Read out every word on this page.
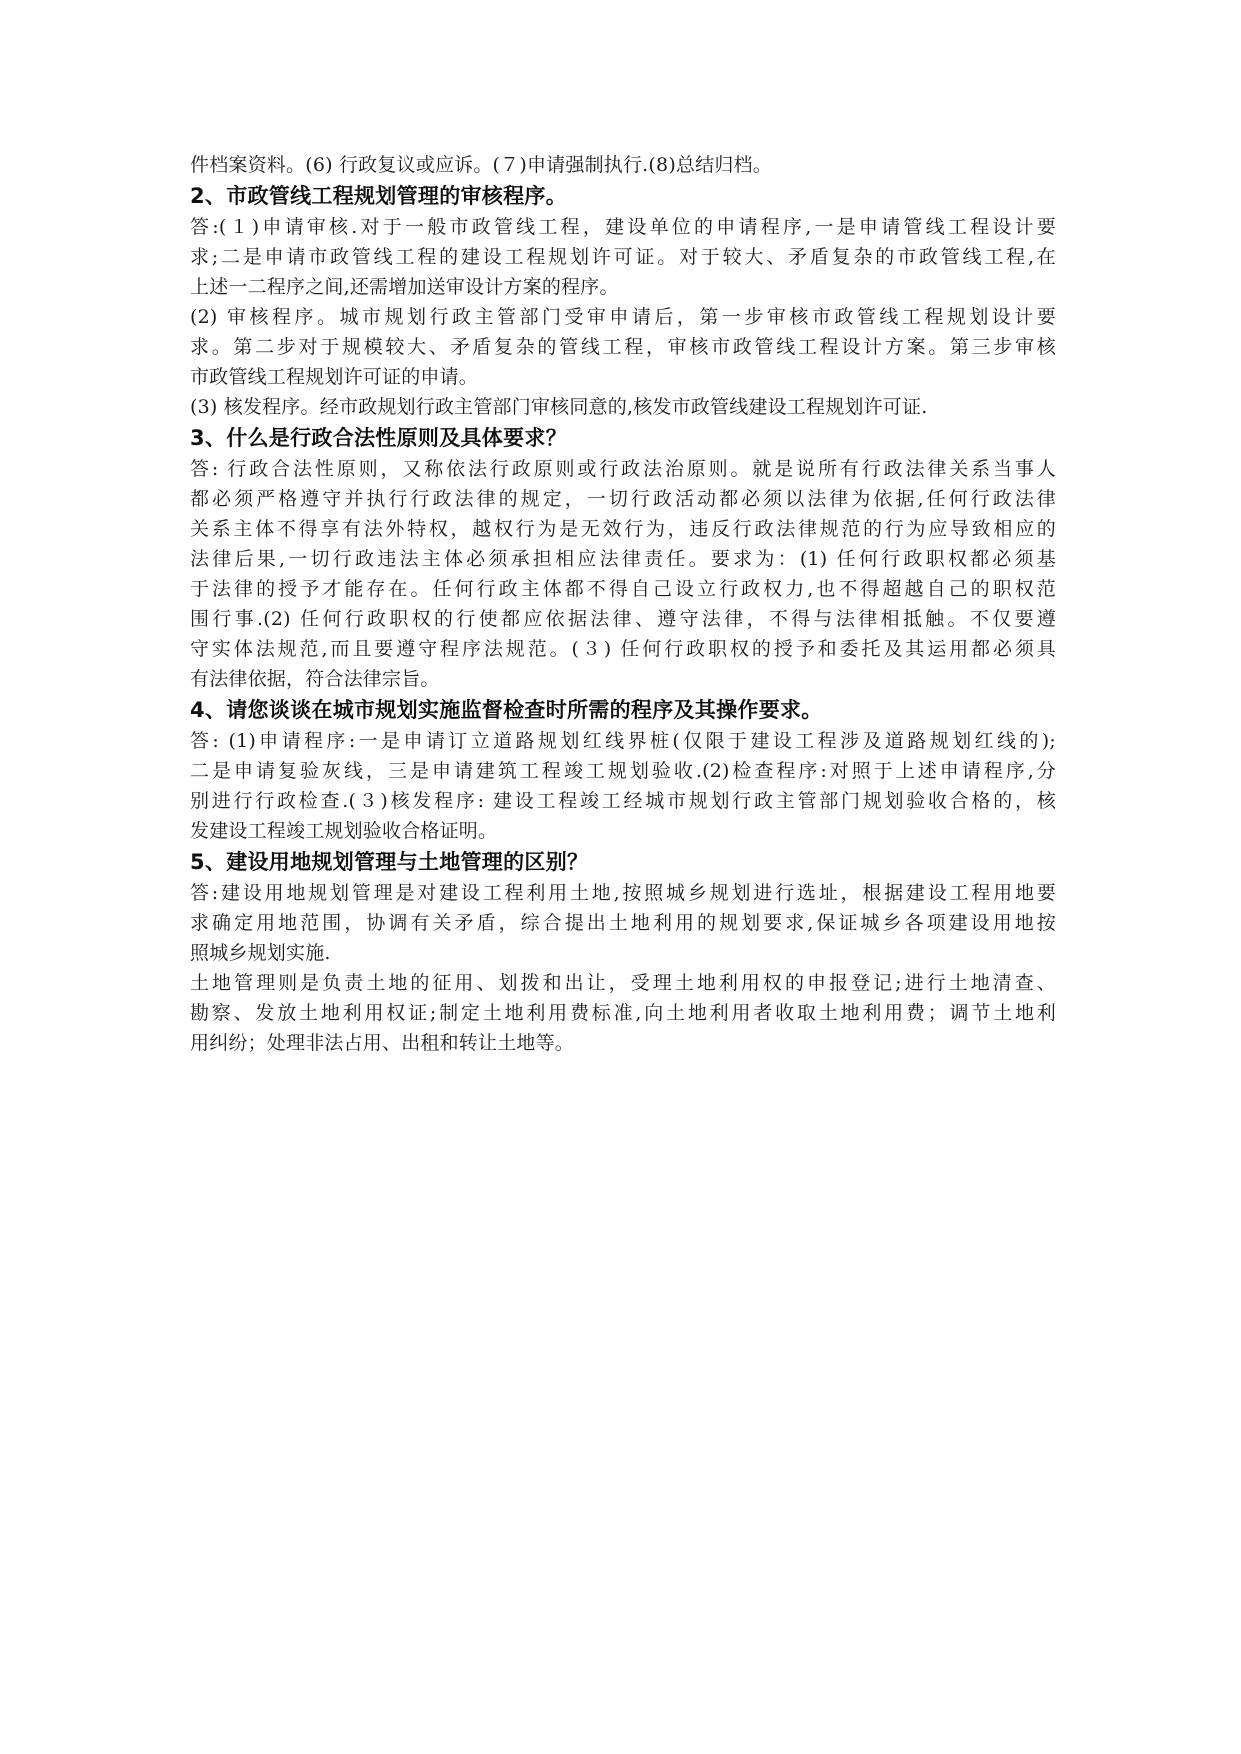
件档案资料。(6) 行政复议或应诉。(７)申请强制执行.(8)总结归档。
2、市政管线工程规划管理的审核程序。
答:(１)申请审核.对于一般市政管线工程，建设单位的申请程序,一是申请管线工程设计要
求;二是申请市政管线工程的建设工程规划许可证。对于较大、矛盾复杂的市政管线工程,在
上述一二程序之间,还需增加送审设计方案的程序。
(2) 审核程序。城市规划行政主管部门受审申请后，第一步审核市政管线工程规划设计要
求。第二步对于规模较大、矛盾复杂的管线工程，审核市政管线工程设计方案。第三步审核
市政管线工程规划许可证的申请。
(3) 核发程序。经市政规划行政主管部门审核同意的,核发市政管线建设工程规划许可证.
3、什么是行政合法性原则及具体要求？
答: 行政合法性原则，又称依法行政原则或行政法治原则。就是说所有行政法律关系当事人
都必须严格遵守并执行行政法律的规定，一切行政活动都必须以法律为依据,任何行政法律
关系主体不得享有法外特权，越权行为是无效行为，违反行政法律规范的行为应导致相应的
法律后果,一切行政违法主体必须承担相应法律责任。要求为：(1) 任何行政职权都必须基
于法律的授予才能存在。任何行政主体都不得自己设立行政权力,也不得超越自己的职权范
围行事.(2) 任何行政职权的行使都应依据法律、遵守法律，不得与法律相抵触。不仅要遵
守实体法规范,而且要遵守程序法规范。(３) 任何行政职权的授予和委托及其运用都必须具
有法律依据，符合法律宗旨。
4、请您谈谈在城市规划实施监督检查时所需的程序及其操作要求。
答: (1)申请程序:一是申请订立道路规划红线界桩(仅限于建设工程涉及道路规划红线的);
二是申请复验灰线，三是申请建筑工程竣工规划验收.(2)检查程序:对照于上述申请程序,分
别进行行政检查.(３)核发程序: 建设工程竣工经城市规划行政主管部门规划验收合格的，核
发建设工程竣工规划验收合格证明。
5、建设用地规划管理与土地管理的区别？
答:建设用地规划管理是对建设工程利用土地,按照城乡规划进行选址，根据建设工程用地要
求确定用地范围，协调有关矛盾，综合提出土地利用的规划要求,保证城乡各项建设用地按
照城乡规划实施.
土地管理则是负责土地的征用、划拨和出让，受理土地利用权的申报登记;进行土地清查、
勘察、发放土地利用权证;制定土地利用费标准,向土地利用者收取土地利用费；调节土地利
用纠纷；处理非法占用、出租和转让土地等。
